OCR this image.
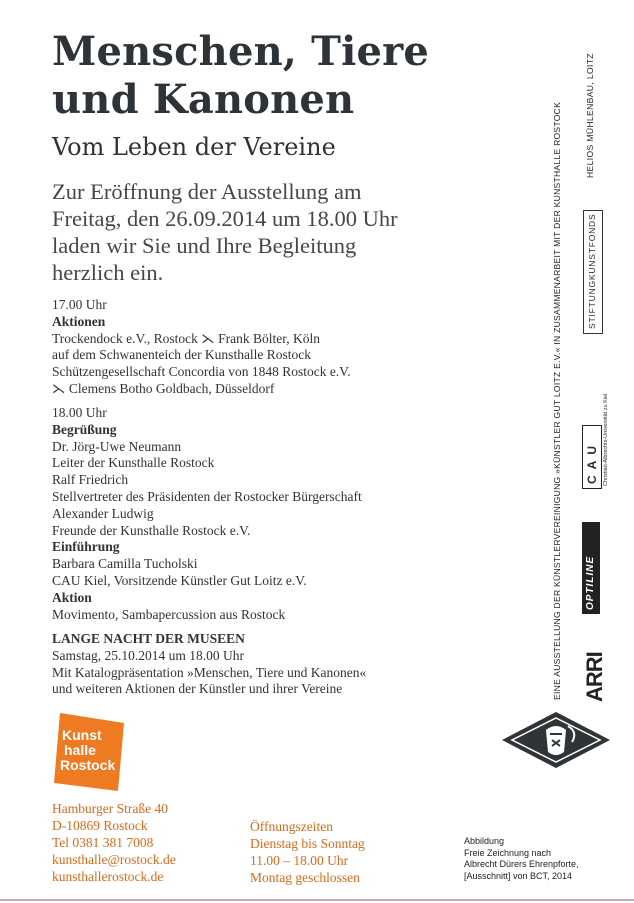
Menschen, Tiere
und Kanonen
Vom Leben der Vereine
Zur Eröffnung der Ausstellung am
Freitag, den 26.09.2014 um 18.00 Uhr
laden wir Sie und Ihre Begleitung
herzlich ein.
17.00 Uhr
Aktionen
Trockendock e.V., Rostock ⋋ Frank Bölter, Köln
auf dem Schwanenteich der Kunsthalle Rostock
Schützengesellschaft Concordia von 1848 Rostock e.V.
⋋ Clemens Botho Goldbach, Düsseldorf
18.00 Uhr
Begrüßung
Dr. Jörg-Uwe Neumann
Leiter der Kunsthalle Rostock
Ralf Friedrich
Stellvertreter des Präsidenten der Rostocker Bürgerschaft
Alexander Ludwig
Freunde der Kunsthalle Rostock e.V.
Einführung
Barbara Camilla Tucholski
CAU Kiel, Vorsitzende Künstler Gut Loitz e.V.
Aktion
Movimento, Sambapercussion aus Rostock
LANGE NACHT DER MUSEEN
Samstag, 25.10.2014 um 18.00 Uhr
Mit Katalogpräsentation »Menschen, Tiere und Kanonen«
und weiteren Aktionen der Künstler und ihrer Vereine
Kunst
halle
Rostock
Hamburger Straße 40
D-10869 Rostock
Tel 0381 381 7008
kunsthalle@rostock.de
kunsthallerostock.de
Öffnungszeiten
Dienstag bis Sonntag
11.00 – 18.00 Uhr
Montag geschlossen
Abbildung
Freie Zeichnung nach
Albrecht Dürers Ehrenpforte,
[Ausschnitt] von BCT, 2014
EINE AUSSTELLUNG DER KÜNSTLERVEREINIGUNG »KÜNSTLER GUT LOITZ E.V.« IN ZUSAMMENARBEIT MIT DER KUNSTHALLE ROSTOCK	HELIOS MÜHLENBAU, LOITZ
STIFTUNGKUNSTFONDS
CAU Christian-Albrechts-Universität zu Kiel
OPTILINE
ARRI
